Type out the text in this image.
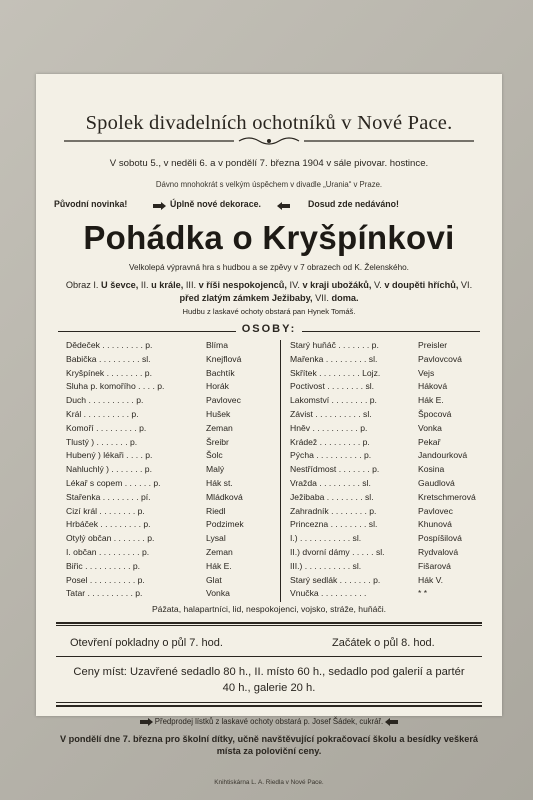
Spolek divadelních ochotníků v Nové Pace.
V sobotu 5., v neděli 6. a v pondělí 7. března 1904 v sále pivovar. hostince.
Dávno mnohokrát s velkým úspěchem v divadle „Urania“ v Praze.
Původní novinka!	Úplně nové dekorace.	Dosud zde nedáváno!
Pohádka o Kryšpínkovi
Velkolepá výpravná hra s hudbou a se zpěvy v 7 obrazech od K. Želenského.
Obraz I. U ševce, II. u krále, III. v říši nespokojenců, IV. v kraji ubožáků, V. v doupěti hříchů, VI. před zlatým zámkem Ježibaby, VII. doma.
Hudbu z laskavé ochoty obstará pan Hynek Tomáš.
OSOBY:
Dědeček . . . . . . . . . p.	Blíma
Babička . . . . . . . . . sl.	Knejflová
Kryšpínek . . . . . . . . p.	Bachtík
Sluha p. komořího . . . . p.	Horák
Duch . . . . . . . . . . p.	Pavlovec
Král . . . . . . . . . . p.	Hušek
Komoří . . . . . . . . . p.	Zeman
Tlustý ) . . . . . . . p.	Šreibr
Hubený ) lékaři . . . . p.	Šolc
Nahluchlý ) . . . . . . . p.	Malý
Lékař s copem . . . . . . p.	Hák st.
Stařenka . . . . . . . . pí.	Mládková
Cizí král . . . . . . . . p.	Riedl
Hrbáček . . . . . . . . . p.	Podzimek
Otylý občan . . . . . . . p.	Lysal
I. občan . . . . . . . . . p.	Zeman
Biřic . . . . . . . . . . p.	Hák E.
Posel . . . . . . . . . . p.	Glat
Tatar . . . . . . . . . . p.	Vonka
Starý huňáč . . . . . . . p.	Preisler
Mařenka . . . . . . . . . sl.	Pavlovcová
Skřítek . . . . . . . . . Lojz.	Vejs
Poctivost . . . . . . . . sl.	Háková
Lakomství . . . . . . . . p.	Hák E.
Závist . . . . . . . . . . sl.	Špocová
Hněv . . . . . . . . . . p.	Vonka
Krádež . . . . . . . . . p.	Pekař
Pýcha . . . . . . . . . . p.	Jandourková
Nestřídmost . . . . . . . p.	Kosina
Vražda . . . . . . . . . sl.	Gaudlová
Ježibaba . . . . . . . . sl.	Kretschmerová
Zahradník . . . . . . . . p.	Pavlovec
Princezna . . . . . . . . sl.	Khunová
I.) . . . . . . . . . . . sl.	Pospíšilová
II.) dvorní dámy . . . . . sl.	Rydvalová
III.) . . . . . . . . . . sl.	Fišarová
Starý sedlák . . . . . . . p.	Hák V.
Vnučka . . . . . . . . . .	* *
Pážata, halapartníci, lid, nespokojenci, vojsko, stráže, huňáči.
Otevření pokladny o půl 7. hod.	Začátek o půl 8. hod.
Ceny míst: Uzavřené sedadlo 80 h., II. místo 60 h., sedadlo pod galerií a partér 40 h., galerie 20 h.
Předprodej lístků z laskavé ochoty obstará p. Josef Šádek, cukrář.
V pondělí dne 7. března pro školní dítky, učně navštěvující pokračovací školu a besídky veškerá místa za poloviční ceny.
Knihtiskárna L. A. Riedla v Nové Pace.
